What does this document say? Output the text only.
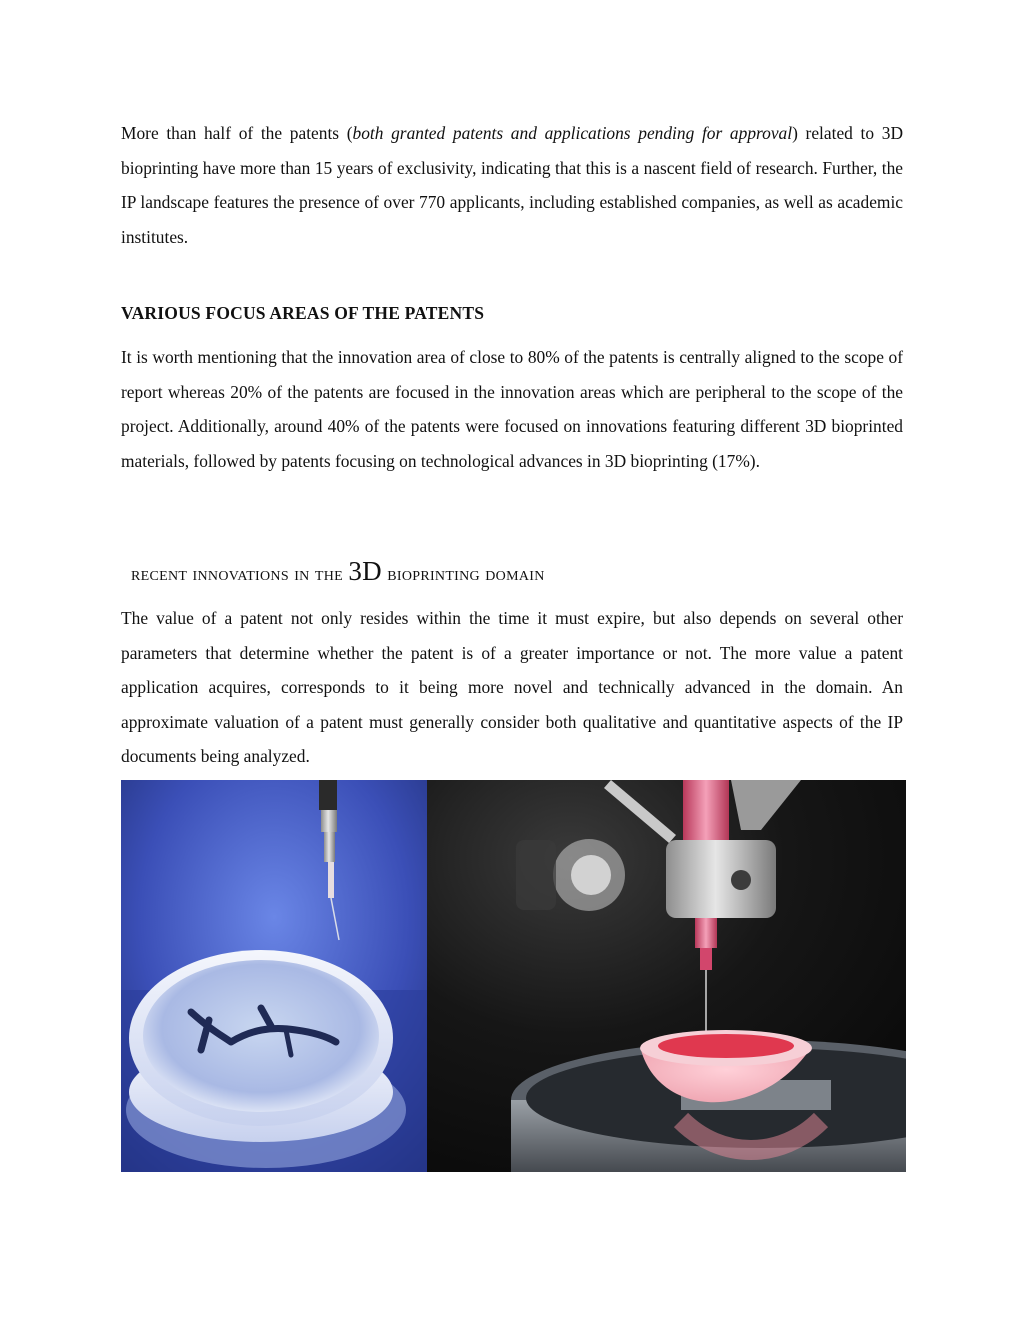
More than half of the patents (both granted patents and applications pending for approval) related to 3D bioprinting have more than 15 years of exclusivity, indicating that this is a nascent field of research. Further, the IP landscape features the presence of over 770 applicants, including established companies, as well as academic institutes.

VARIOUS FOCUS AREAS OF THE PATENTS

It is worth mentioning that the innovation area of close to 80% of the patents is centrally aligned to the scope of report whereas 20% of the patents are focused in the innovation areas which are peripheral to the scope of the project. Additionally, around 40% of the patents were focused on innovations featuring different 3D bioprinted materials, followed by patents focusing on technological advances in 3D bioprinting (17%).

recent innovations in the 3D bioprinting domain

The value of a patent not only resides within the time it must expire, but also depends on several other parameters that determine whether the patent is of a greater importance or not. The more value a patent application acquires, corresponds to it being more novel and technically advanced in the domain. An approximate valuation of a patent must generally consider both qualitative and quantitative aspects of the IP documents being analyzed.
